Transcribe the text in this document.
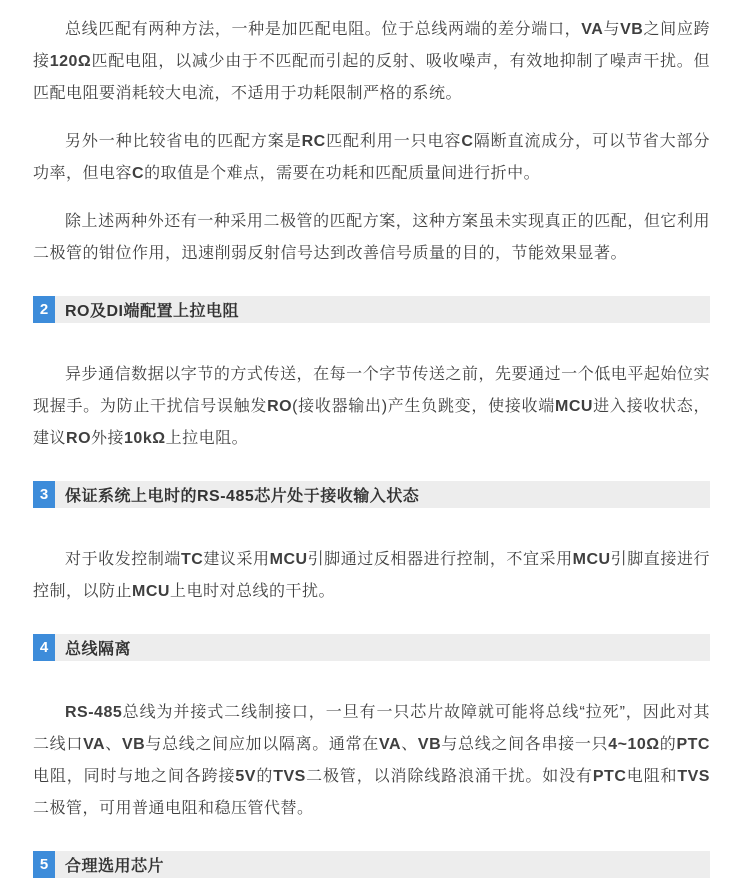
总线匹配有两种方法，一种是加匹配电阻。位于总线两端的差分端口，VA与VB之间应跨接120Ω匹配电阻，以减少由于不匹配而引起的反射、吸收噪声，有效地抑制了噪声干扰。但匹配电阻要消耗较大电流，不适用于功耗限制严格的系统。

另外一种比较省电的匹配方案是RC匹配利用一只电容C隔断直流成分，可以节省大部分功率，但电容C的取值是个难点，需要在功耗和匹配质量间进行折中。

除上述两种外还有一种采用二极管的匹配方案，这种方案虽未实现真正的匹配，但它利用二极管的钳位作用，迅速削弱反射信号达到改善信号质量的目的，节能效果显著。

2	RO及DI端配置上拉电阻

异步通信数据以字节的方式传送，在每一个字节传送之前，先要通过一个低电平起始位实现握手。为防止干扰信号误触发RO(接收器输出)产生负跳变，使接收端MCU进入接收状态，建议RO外接10kΩ上拉电阻。

3	保证系统上电时的RS-485芯片处于接收输入状态

对于收发控制端TC建议采用MCU引脚通过反相器进行控制，不宜采用MCU引脚直接进行控制，以防止MCU上电时对总线的干扰。

4	总线隔离

RS-485总线为并接式二线制接口，一旦有一只芯片故障就可能将总线“拉死”，因此对其二线口VA、VB与总线之间应加以隔离。通常在VA、VB与总线之间各串接一只4~10Ω的PTC电阻，同时与地之间各跨接5V的TVS二极管，以消除线路浪涌干扰。如没有PTC电阻和TVS二极管，可用普通电阻和稳压管代替。

5	合理选用芯片
